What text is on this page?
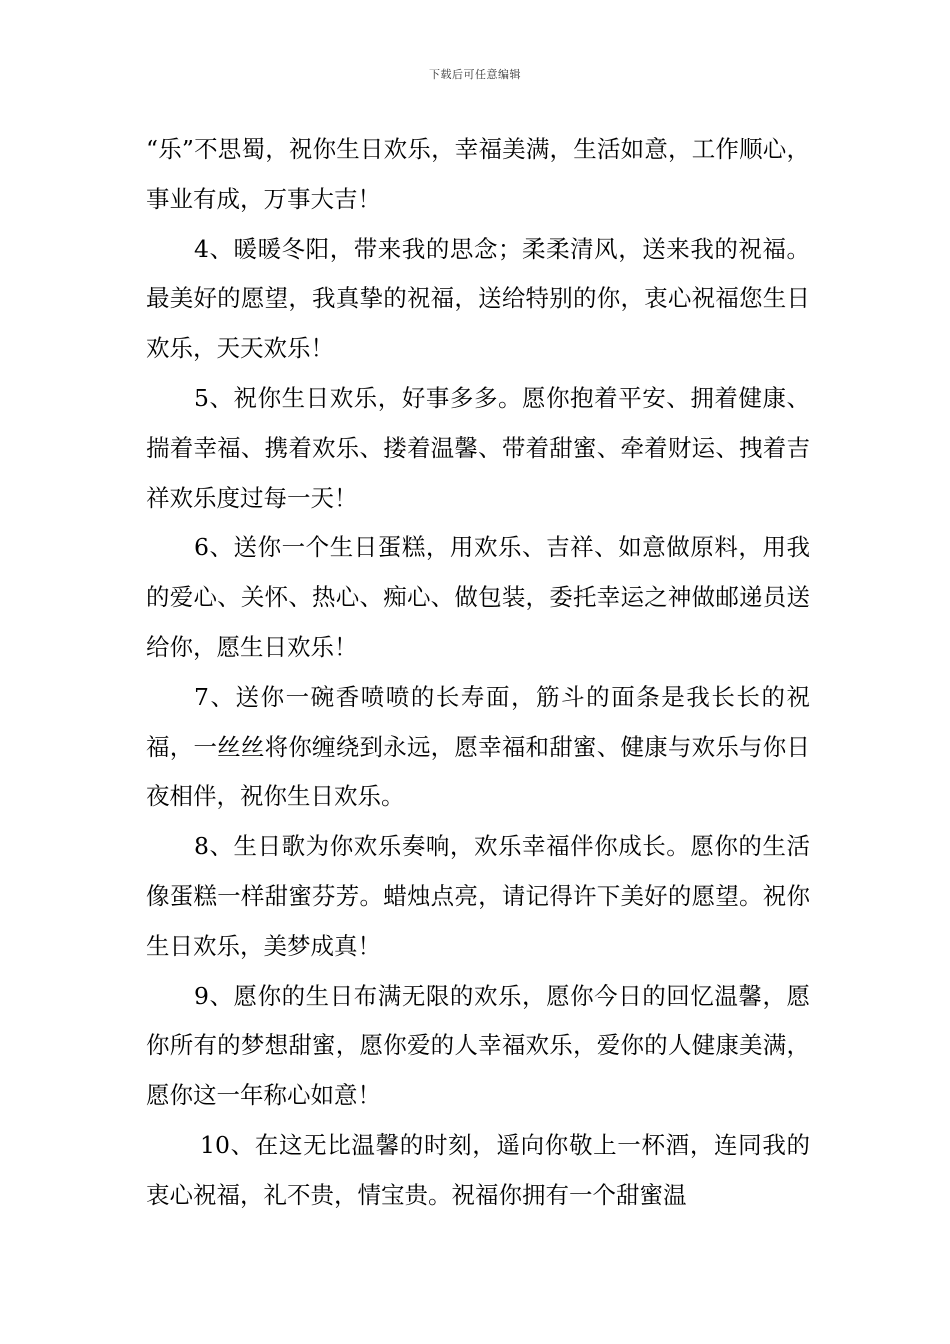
下载后可任意编辑

“乐”不思蜀，祝你生日欢乐，幸福美满，生活如意，工作顺心，事业有成，万事大吉！

4、暖暖冬阳，带来我的思念；柔柔清风，送来我的祝福。最美好的愿望，我真挚的祝福，送给特别的你，衷心祝福您生日欢乐，天天欢乐！

5、祝你生日欢乐，好事多多。愿你抱着平安、拥着健康、揣着幸福、携着欢乐、搂着温馨、带着甜蜜、牵着财运、拽着吉祥欢乐度过每一天！

6、送你一个生日蛋糕，用欢乐、吉祥、如意做原料，用我的爱心、关怀、热心、痴心、做包装，委托幸运之神做邮递员送给你，愿生日欢乐！

7、送你一碗香喷喷的长寿面，筋斗的面条是我长长的祝福，一丝丝将你缠绕到永远，愿幸福和甜蜜、健康与欢乐与你日夜相伴，祝你生日欢乐。

8、生日歌为你欢乐奏响，欢乐幸福伴你成长。愿你的生活像蛋糕一样甜蜜芬芳。蜡烛点亮，请记得许下美好的愿望。祝你生日欢乐，美梦成真！

9、愿你的生日布满无限的欢乐，愿你今日的回忆温馨，愿你所有的梦想甜蜜，愿你爱的人幸福欢乐，爱你的人健康美满，愿你这一年称心如意！

10、在这无比温馨的时刻，遥向你敬上一杯酒，连同我的衷心祝福，礼不贵，情宝贵。祝福你拥有一个甜蜜温
